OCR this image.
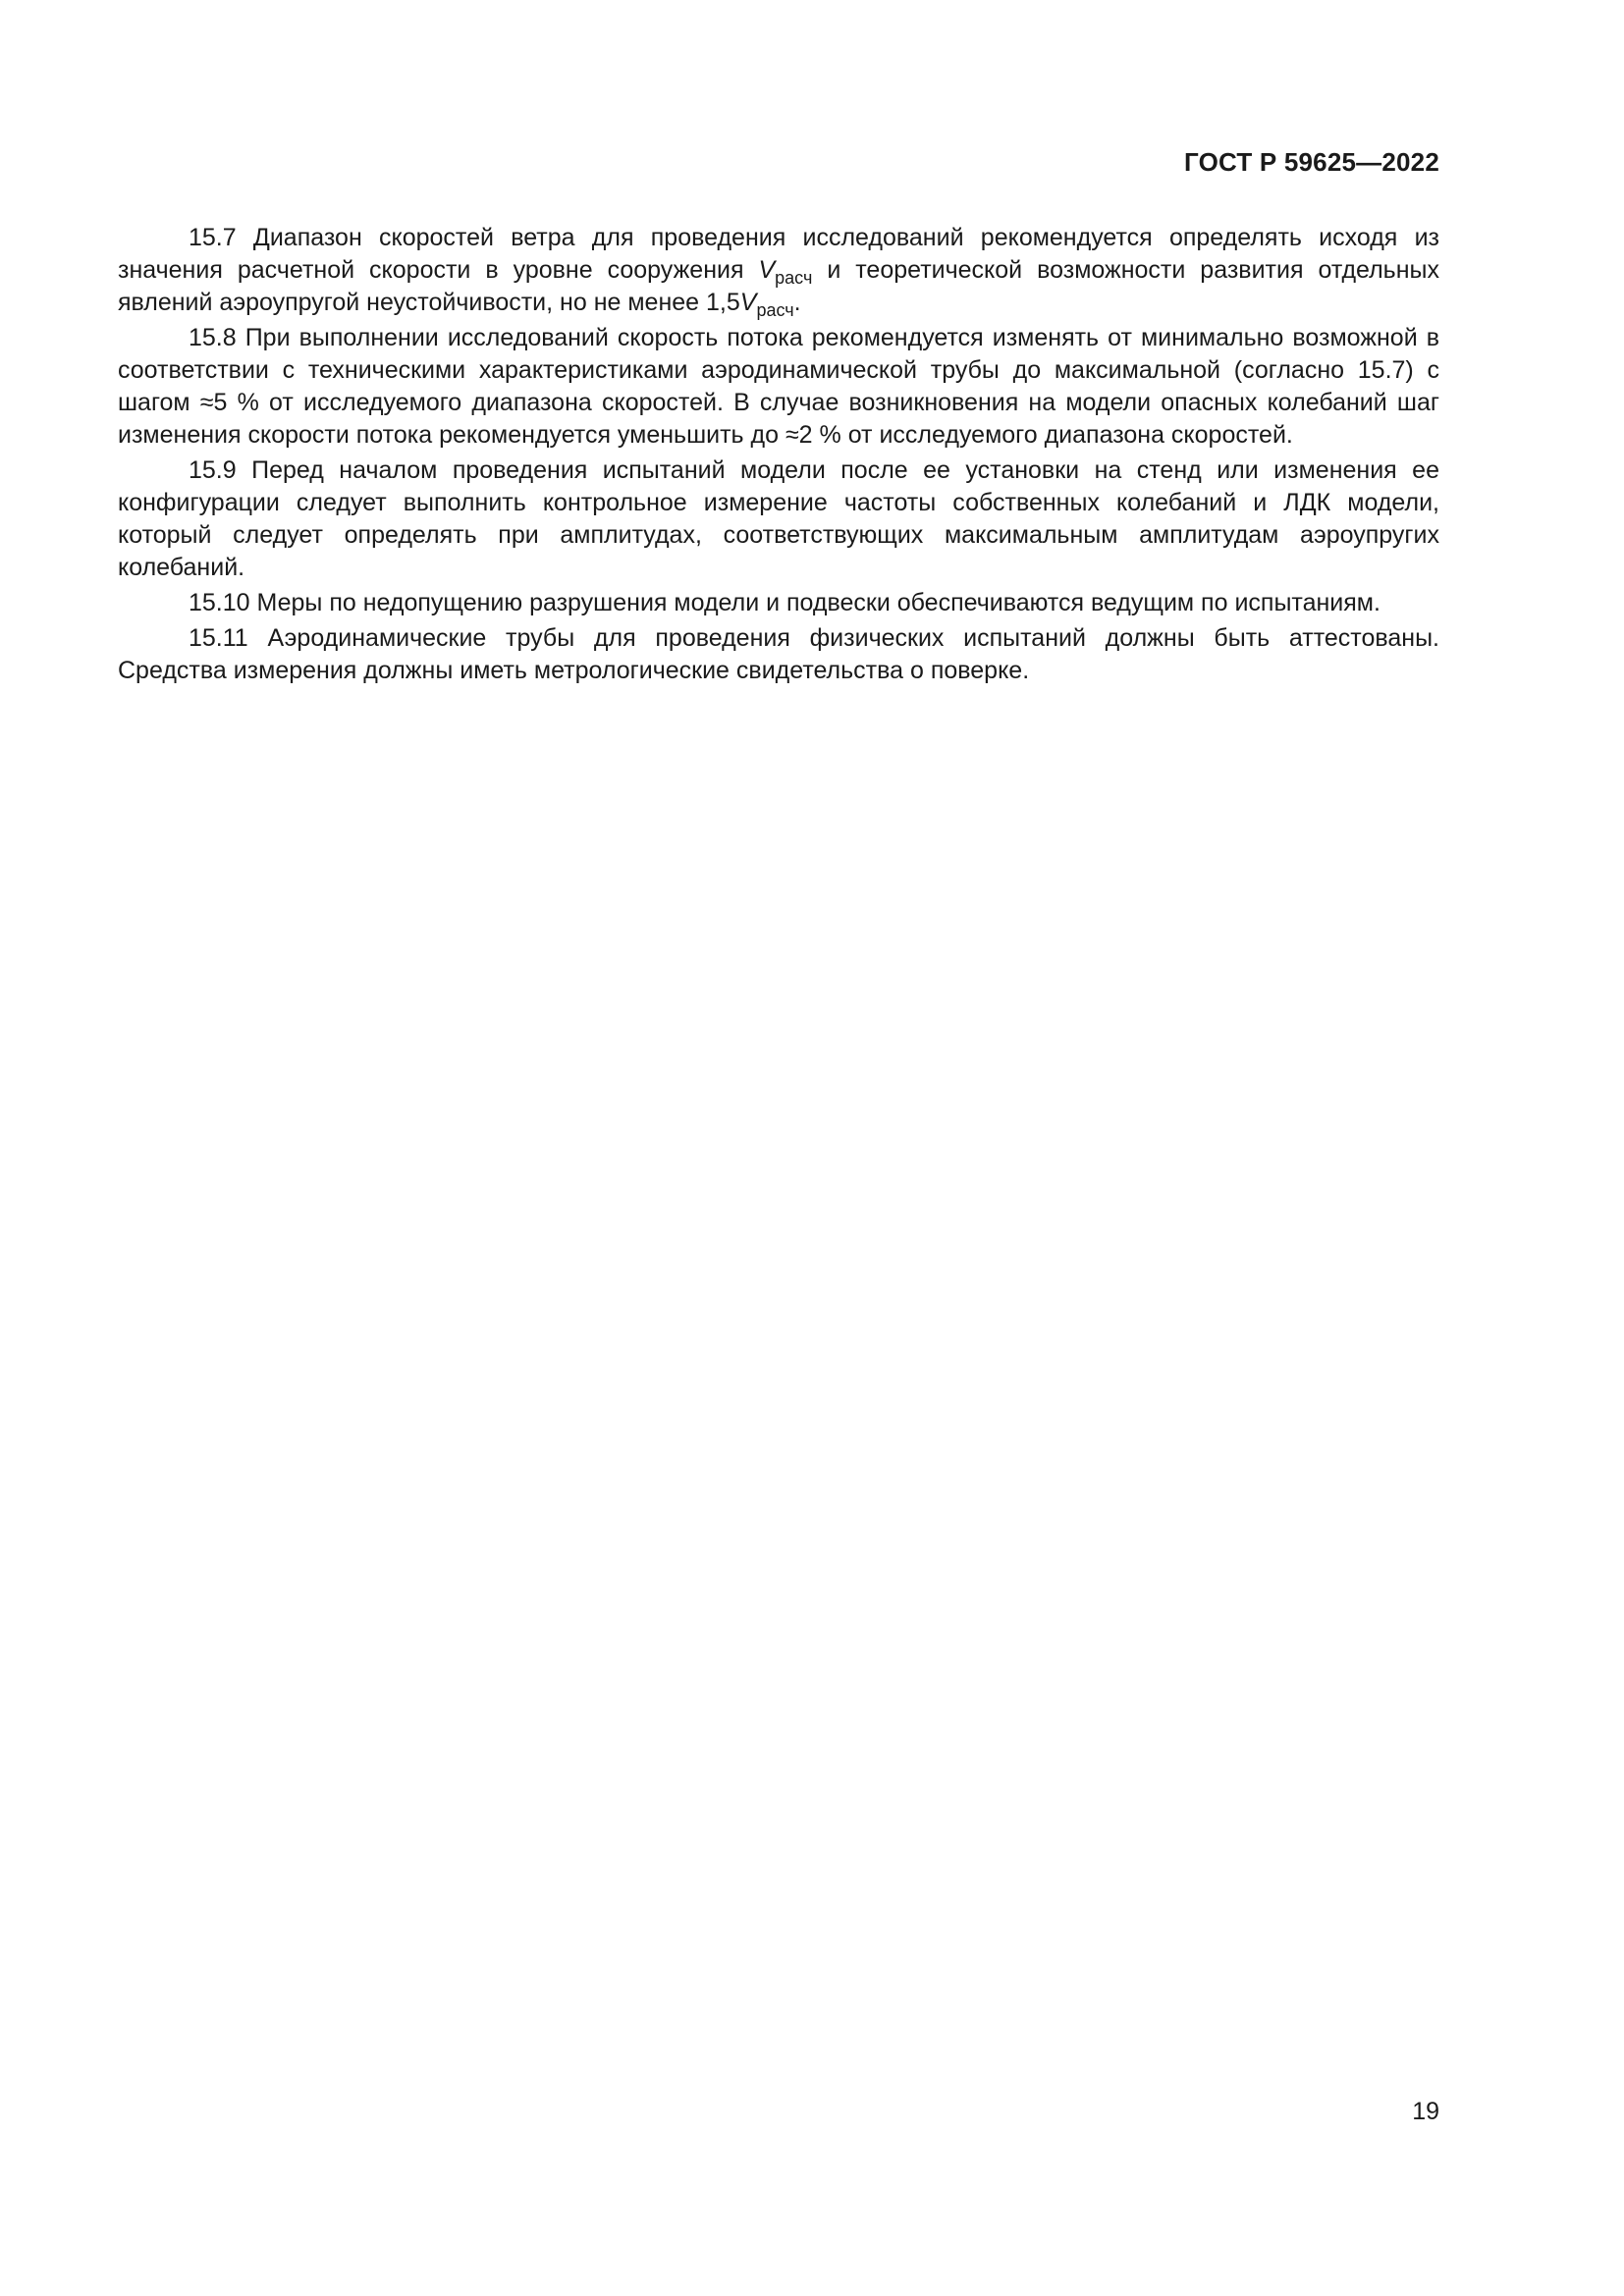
ГОСТ Р 59625—2022

15.7 Диапазон скоростей ветра для проведения исследований рекомендуется определять исходя из значения расчетной скорости в уровне сооружения $V_{расч}$ и теоретической возможности развития отдельных явлений аэроупругой неустойчивости, но не менее $1,5V_{расч}$.

15.8 При выполнении исследований скорость потока рекомендуется изменять от минимально возможной в соответствии с техническими характеристиками аэродинамической трубы до максимальной (согласно 15.7) с шагом ≈5 % от исследуемого диапазона скоростей. В случае возникновения на модели опасных колебаний шаг изменения скорости потока рекомендуется уменьшить до ≈2 % от исследуемого диапазона скоростей.

15.9 Перед началом проведения испытаний модели после ее установки на стенд или изменения ее конфигурации следует выполнить контрольное измерение частоты собственных колебаний и ЛДК модели, который следует определять при амплитудах, соответствующих максимальным амплитудам аэроупругих колебаний.

15.10 Меры по недопущению разрушения модели и подвески обеспечиваются ведущим по испытаниям.

15.11 Аэродинамические трубы для проведения физических испытаний должны быть аттестованы. Средства измерения должны иметь метрологические свидетельства о поверке.

19
